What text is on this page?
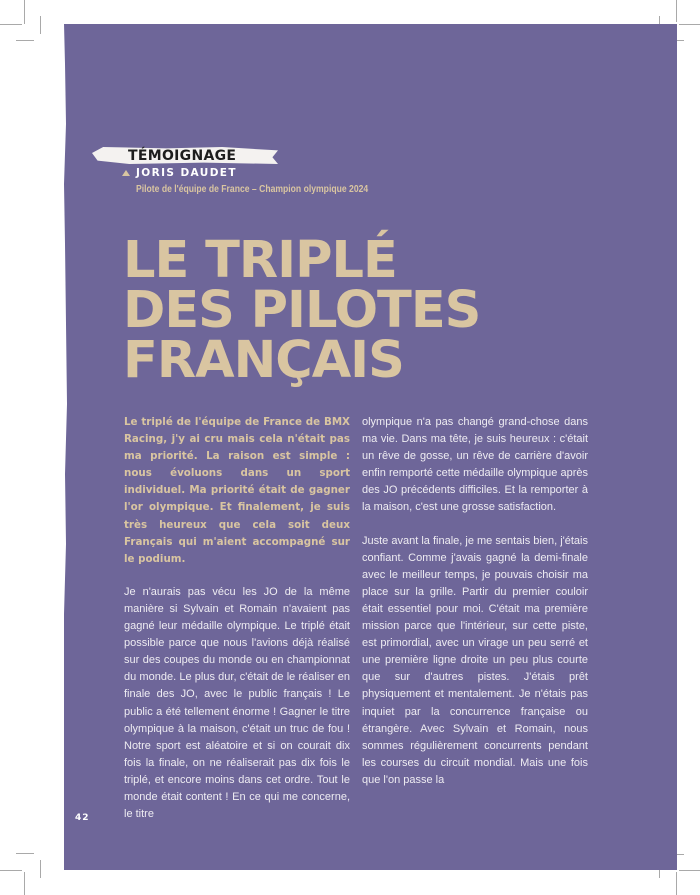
TÉMOIGNAGE
JORIS DAUDET
Pilote de l'équipe de France – Champion olympique 2024
LE TRIPLÉ
DES PILOTES
FRANÇAIS

Le triplé de l'équipe de France de BMX Racing, j'y ai cru mais cela n'était pas ma priorité. La raison est simple : nous évoluons dans un sport individuel. Ma priorité était de gagner l'or olympique. Et finalement, je suis très heureux que cela soit deux Français qui m'aient accompagné sur le podium.

Je n'aurais pas vécu les JO de la même manière si Sylvain et Romain n'avaient pas gagné leur médaille olympique. Le triplé était possible parce que nous l'avions déjà réalisé sur des coupes du monde ou en championnat du monde. Le plus dur, c'était de le réaliser en finale des JO, avec le public français ! Le public a été tellement énorme ! Gagner le titre olympique à la maison, c'était un truc de fou ! Notre sport est aléatoire et si on courait dix fois la finale, on ne réaliserait pas dix fois le triplé, et encore moins dans cet ordre. Tout le monde était content ! En ce qui me concerne, le titre

olympique n'a pas changé grand-chose dans ma vie. Dans ma tête, je suis heureux : c'était un rêve de gosse, un rêve de carrière d'avoir enfin remporté cette médaille olympique après des JO précédents difficiles. Et la remporter à la maison, c'est une grosse satisfaction.

Juste avant la finale, je me sentais bien, j'étais confiant. Comme j'avais gagné la demi-finale avec le meilleur temps, je pouvais choisir ma place sur la grille. Partir du premier couloir était essentiel pour moi. C'était ma première mission parce que l'intérieur, sur cette piste, est primordial, avec un virage un peu serré et une première ligne droite un peu plus courte que sur d'autres pistes. J'étais prêt physiquement et mentalement. Je n'étais pas inquiet par la concurrence française ou étrangère. Avec Sylvain et Romain, nous sommes régulièrement concurrents pendant les courses du circuit mondial. Mais une fois que l'on passe la

42
